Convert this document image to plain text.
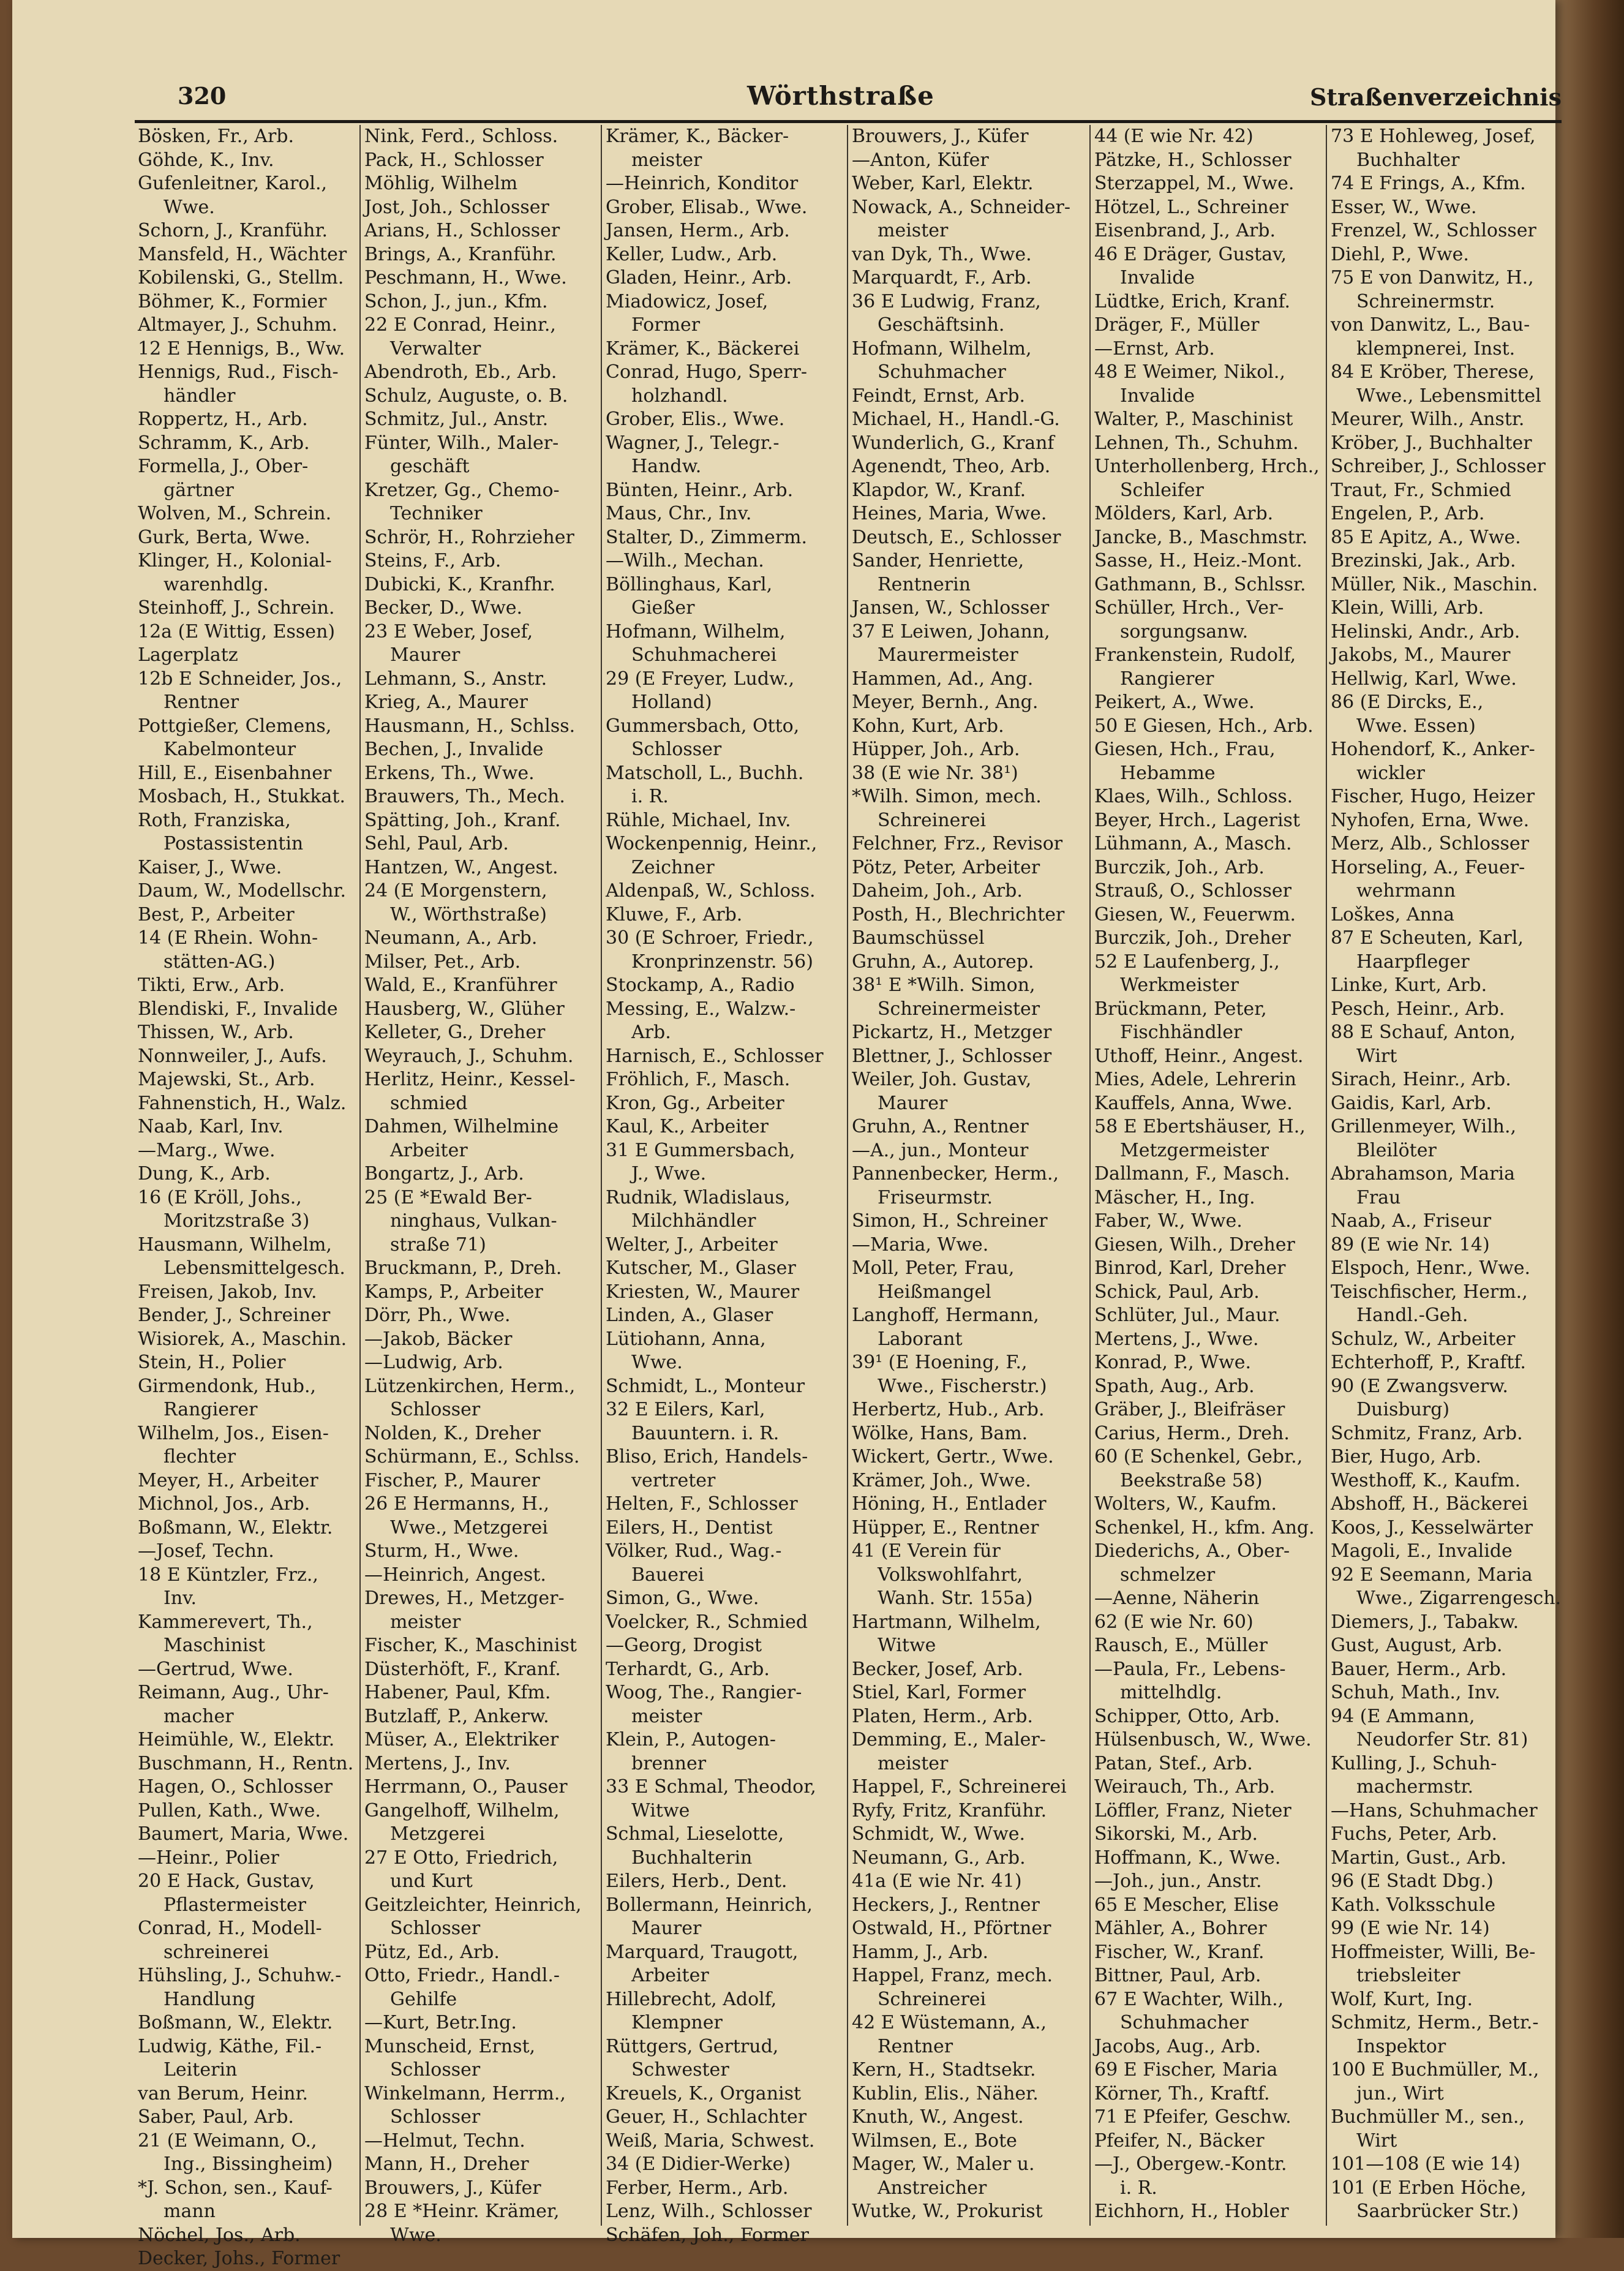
320	Wörthstraße	Straßenverzeichnis
Bösken, Fr., Arb.
Göhde, K., Inv.
Gufenleitner, Karol.,
Wwe.
Schorn, J., Kranführ.
Mansfeld, H., Wächter
Kobilenski, G., Stellm.
Böhmer, K., Formier
Altmayer, J., Schuhm.
12 E Hennigs, B., Ww.
Hennigs, Rud., Fisch-
händler
Roppertz, H., Arb.
Schramm, K., Arb.
Formella, J., Ober-
gärtner
Wolven, M., Schrein.
Gurk, Berta, Wwe.
Klinger, H., Kolonial-
warenhdlg.
Steinhoff, J., Schrein.
12a (E Wittig, Essen)
Lagerplatz
12b E Schneider, Jos.,
Rentner
Pottgießer, Clemens,
Kabelmonteur
Hill, E., Eisenbahner
Mosbach, H., Stukkat.
Roth, Franziska,
Postassistentin
Kaiser, J., Wwe.
Daum, W., Modellschr.
Best, P., Arbeiter
14 (E Rhein. Wohn-
stätten-AG.)
Tikti, Erw., Arb.
Blendiski, F., Invalide
Thissen, W., Arb.
Nonnweiler, J., Aufs.
Majewski, St., Arb.
Fahnenstich, H., Walz.
Naab, Karl, Inv.
—Marg., Wwe.
Dung, K., Arb.
16 (E Kröll, Johs.,
Moritzstraße 3)
Hausmann, Wilhelm,
Lebensmittelgesch.
Freisen, Jakob, Inv.
Bender, J., Schreiner
Wisiorek, A., Maschin.
Stein, H., Polier
Girmendonk, Hub.,
Rangierer
Wilhelm, Jos., Eisen-
flechter
Meyer, H., Arbeiter
Michnol, Jos., Arb.
Boßmann, W., Elektr.
—Josef, Techn.
18 E Küntzler, Frz.,
Inv.
Kammerevert, Th.,
Maschinist
—Gertrud, Wwe.
Reimann, Aug., Uhr-
macher
Heimühle, W., Elektr.
Buschmann, H., Rentn.
Hagen, O., Schlosser
Pullen, Kath., Wwe.
Baumert, Maria, Wwe.
—Heinr., Polier
20 E Hack, Gustav,
Pflastermeister
Conrad, H., Modell-
schreinerei
Hühsling, J., Schuhw.-
Handlung
Boßmann, W., Elektr.
Ludwig, Käthe, Fil.-
Leiterin
van Berum, Heinr.
Saber, Paul, Arb.
21 (E Weimann, O.,
Ing., Bissingheim)
*J. Schon, sen., Kauf-
mann
Nöchel, Jos., Arb.
Decker, Johs., Former
Nink, Ferd., Schloss.
Pack, H., Schlosser
Möhlig, Wilhelm
Jost, Joh., Schlosser
Arians, H., Schlosser
Brings, A., Kranführ.
Peschmann, H., Wwe.
Schon, J., jun., Kfm.
22 E Conrad, Heinr.,
Verwalter
Abendroth, Eb., Arb.
Schulz, Auguste, o. B.
Schmitz, Jul., Anstr.
Fünter, Wilh., Maler-
geschäft
Kretzer, Gg., Chemo-
Techniker
Schrör, H., Rohrzieher
Steins, F., Arb.
Dubicki, K., Kranfhr.
Becker, D., Wwe.
23 E Weber, Josef,
Maurer
Lehmann, S., Anstr.
Krieg, A., Maurer
Hausmann, H., Schlss.
Bechen, J., Invalide
Erkens, Th., Wwe.
Brauwers, Th., Mech.
Spätting, Joh., Kranf.
Sehl, Paul, Arb.
Hantzen, W., Angest.
24 (E Morgenstern,
W., Wörthstraße)
Neumann, A., Arb.
Milser, Pet., Arb.
Wald, E., Kranführer
Hausberg, W., Glüher
Kelleter, G., Dreher
Weyrauch, J., Schuhm.
Herlitz, Heinr., Kessel-
schmied
Dahmen, Wilhelmine
Arbeiter
Bongartz, J., Arb.
25 (E *Ewald Ber-
ninghaus, Vulkan-
straße 71)
Bruckmann, P., Dreh.
Kamps, P., Arbeiter
Dörr, Ph., Wwe.
—Jakob, Bäcker
—Ludwig, Arb.
Lützenkirchen, Herm.,
Schlosser
Nolden, K., Dreher
Schürmann, E., Schlss.
Fischer, P., Maurer
26 E Hermanns, H.,
Wwe., Metzgerei
Sturm, H., Wwe.
—Heinrich, Angest.
Drewes, H., Metzger-
meister
Fischer, K., Maschinist
Düsterhöft, F., Kranf.
Habener, Paul, Kfm.
Butzlaff, P., Ankerw.
Müser, A., Elektriker
Mertens, J., Inv.
Herrmann, O., Pauser
Gangelhoff, Wilhelm,
Metzgerei
27 E Otto, Friedrich,
und Kurt
Geitzleichter, Heinrich,
Schlosser
Pütz, Ed., Arb.
Otto, Friedr., Handl.-
Gehilfe
—Kurt, Betr.Ing.
Munscheid, Ernst,
Schlosser
Winkelmann, Herrm.,
Schlosser
—Helmut, Techn.
Mann, H., Dreher
Brouwers, J., Küfer
28 E *Heinr. Krämer,
Wwe.
Krämer, K., Bäcker-
meister
—Heinrich, Konditor
Grober, Elisab., Wwe.
Jansen, Herm., Arb.
Keller, Ludw., Arb.
Gladen, Heinr., Arb.
Miadowicz, Josef,
Former
Krämer, K., Bäckerei
Conrad, Hugo, Sperr-
holzhandl.
Grober, Elis., Wwe.
Wagner, J., Telegr.-
Handw.
Bünten, Heinr., Arb.
Maus, Chr., Inv.
Stalter, D., Zimmerm.
—Wilh., Mechan.
Böllinghaus, Karl,
Gießer
Hofmann, Wilhelm,
Schuhmacherei
29 (E Freyer, Ludw.,
Holland)
Gummersbach, Otto,
Schlosser
Matscholl, L., Buchh.
i. R.
Rühle, Michael, Inv.
Wockenpennig, Heinr.,
Zeichner
Aldenpaß, W., Schloss.
Kluwe, F., Arb.
30 (E Schroer, Friedr.,
Kronprinzenstr. 56)
Stockamp, A., Radio
Messing, E., Walzw.-
Arb.
Harnisch, E., Schlosser
Fröhlich, F., Masch.
Kron, Gg., Arbeiter
Kaul, K., Arbeiter
31 E Gummersbach,
J., Wwe.
Rudnik, Wladislaus,
Milchhändler
Welter, J., Arbeiter
Kutscher, M., Glaser
Kriesten, W., Maurer
Linden, A., Glaser
Lütiohann, Anna,
Wwe.
Schmidt, L., Monteur
32 E Eilers, Karl,
Bauuntern. i. R.
Bliso, Erich, Handels-
vertreter
Helten, F., Schlosser
Eilers, H., Dentist
Völker, Rud., Wag.-
Bauerei
Simon, G., Wwe.
Voelcker, R., Schmied
—Georg, Drogist
Terhardt, G., Arb.
Woog, The., Rangier-
meister
Klein, P., Autogen-
brenner
33 E Schmal, Theodor,
Witwe
Schmal, Lieselotte,
Buchhalterin
Eilers, Herb., Dent.
Bollermann, Heinrich,
Maurer
Marquard, Traugott,
Arbeiter
Hillebrecht, Adolf,
Klempner
Rüttgers, Gertrud,
Schwester
Kreuels, K., Organist
Geuer, H., Schlachter
Weiß, Maria, Schwest.
34 (E Didier-Werke)
Ferber, Herm., Arb.
Lenz, Wilh., Schlosser
Schäfen, Joh., Former
Brouwers, J., Küfer
—Anton, Küfer
Weber, Karl, Elektr.
Nowack, A., Schneider-
meister
van Dyk, Th., Wwe.
Marquardt, F., Arb.
36 E Ludwig, Franz,
Geschäftsinh.
Hofmann, Wilhelm,
Schuhmacher
Feindt, Ernst, Arb.
Michael, H., Handl.-G.
Wunderlich, G., Kranf
Agenendt, Theo, Arb.
Klapdor, W., Kranf.
Heines, Maria, Wwe.
Deutsch, E., Schlosser
Sander, Henriette,
Rentnerin
Jansen, W., Schlosser
37 E Leiwen, Johann,
Maurermeister
Hammen, Ad., Ang.
Meyer, Bernh., Ang.
Kohn, Kurt, Arb.
Hüpper, Joh., Arb.
38 (E wie Nr. 38¹)
*Wilh. Simon, mech.
Schreinerei
Felchner, Frz., Revisor
Pötz, Peter, Arbeiter
Daheim, Joh., Arb.
Posth, H., Blechrichter
Baumschüssel
Gruhn, A., Autorep.
38¹ E *Wilh. Simon,
Schreinermeister
Pickartz, H., Metzger
Blettner, J., Schlosser
Weiler, Joh. Gustav,
Maurer
Gruhn, A., Rentner
—A., jun., Monteur
Pannenbecker, Herm.,
Friseurmstr.
Simon, H., Schreiner
—Maria, Wwe.
Moll, Peter, Frau,
Heißmangel
Langhoff, Hermann,
Laborant
39¹ (E Hoening, F.,
Wwe., Fischerstr.)
Herbertz, Hub., Arb.
Wölke, Hans, Bam.
Wickert, Gertr., Wwe.
Krämer, Joh., Wwe.
Höning, H., Entlader
Hüpper, E., Rentner
41 (E Verein für
Volkswohlfahrt,
Wanh. Str. 155a)
Hartmann, Wilhelm,
Witwe
Becker, Josef, Arb.
Stiel, Karl, Former
Platen, Herm., Arb.
Demming, E., Maler-
meister
Happel, F., Schreinerei
Ryfy, Fritz, Kranführ.
Schmidt, W., Wwe.
Neumann, G., Arb.
41a (E wie Nr. 41)
Heckers, J., Rentner
Ostwald, H., Pförtner
Hamm, J., Arb.
Happel, Franz, mech.
Schreinerei
42 E Wüstemann, A.,
Rentner
Kern, H., Stadtsekr.
Kublin, Elis., Näher.
Knuth, W., Angest.
Wilmsen, E., Bote
Mager, W., Maler u.
Anstreicher
Wutke, W., Prokurist
44 (E wie Nr. 42)
Pätzke, H., Schlosser
Sterzappel, M., Wwe.
Hötzel, L., Schreiner
Eisenbrand, J., Arb.
46 E Dräger, Gustav,
Invalide
Lüdtke, Erich, Kranf.
Dräger, F., Müller
—Ernst, Arb.
48 E Weimer, Nikol.,
Invalide
Walter, P., Maschinist
Lehnen, Th., Schuhm.
Unterhollenberg, Hrch.,
Schleifer
Mölders, Karl, Arb.
Jancke, B., Maschmstr.
Sasse, H., Heiz.-Mont.
Gathmann, B., Schlssr.
Schüller, Hrch., Ver-
sorgungsanw.
Frankenstein, Rudolf,
Rangierer
Peikert, A., Wwe.
50 E Giesen, Hch., Arb.
Giesen, Hch., Frau,
Hebamme
Klaes, Wilh., Schloss.
Beyer, Hrch., Lagerist
Lühmann, A., Masch.
Burczik, Joh., Arb.
Strauß, O., Schlosser
Giesen, W., Feuerwm.
Burczik, Joh., Dreher
52 E Laufenberg, J.,
Werkmeister
Brückmann, Peter,
Fischhändler
Uthoff, Heinr., Angest.
Mies, Adele, Lehrerin
Kauffels, Anna, Wwe.
58 E Ebertshäuser, H.,
Metzgermeister
Dallmann, F., Masch.
Mäscher, H., Ing.
Faber, W., Wwe.
Giesen, Wilh., Dreher
Binrod, Karl, Dreher
Schick, Paul, Arb.
Schlüter, Jul., Maur.
Mertens, J., Wwe.
Konrad, P., Wwe.
Spath, Aug., Arb.
Gräber, J., Bleifräser
Carius, Herm., Dreh.
60 (E Schenkel, Gebr.,
Beekstraße 58)
Wolters, W., Kaufm.
Schenkel, H., kfm. Ang.
Diederichs, A., Ober-
schmelzer
—Aenne, Näherin
62 (E wie Nr. 60)
Rausch, E., Müller
—Paula, Fr., Lebens-
mittelhdlg.
Schipper, Otto, Arb.
Hülsenbusch, W., Wwe.
Patan, Stef., Arb.
Weirauch, Th., Arb.
Löffler, Franz, Nieter
Sikorski, M., Arb.
Hoffmann, K., Wwe.
—Joh., jun., Anstr.
65 E Mescher, Elise
Mähler, A., Bohrer
Fischer, W., Kranf.
Bittner, Paul, Arb.
67 E Wachter, Wilh.,
Schuhmacher
Jacobs, Aug., Arb.
69 E Fischer, Maria
Körner, Th., Kraftf.
71 E Pfeifer, Geschw.
Pfeifer, N., Bäcker
—J., Obergew.-Kontr.
i. R.
Eichhorn, H., Hobler
73 E Hohleweg, Josef,
Buchhalter
74 E Frings, A., Kfm.
Esser, W., Wwe.
Frenzel, W., Schlosser
Diehl, P., Wwe.
75 E von Danwitz, H.,
Schreinermstr.
von Danwitz, L., Bau-
klempnerei, Inst.
84 E Kröber, Therese,
Wwe., Lebensmittel
Meurer, Wilh., Anstr.
Kröber, J., Buchhalter
Schreiber, J., Schlosser
Traut, Fr., Schmied
Engelen, P., Arb.
85 E Apitz, A., Wwe.
Brezinski, Jak., Arb.
Müller, Nik., Maschin.
Klein, Willi, Arb.
Helinski, Andr., Arb.
Jakobs, M., Maurer
Hellwig, Karl, Wwe.
86 (E Dircks, E.,
Wwe. Essen)
Hohendorf, K., Anker-
wickler
Fischer, Hugo, Heizer
Nyhofen, Erna, Wwe.
Merz, Alb., Schlosser
Horseling, A., Feuer-
wehrmann
Loškes, Anna
87 E Scheuten, Karl,
Haarpfleger
Linke, Kurt, Arb.
Pesch, Heinr., Arb.
88 E Schauf, Anton,
Wirt
Sirach, Heinr., Arb.
Gaidis, Karl, Arb.
Grillenmeyer, Wilh.,
Bleilöter
Abrahamson, Maria
Frau
Naab, A., Friseur
89 (E wie Nr. 14)
Elspoch, Henr., Wwe.
Teischfischer, Herm.,
Handl.-Geh.
Schulz, W., Arbeiter
Echterhoff, P., Kraftf.
90 (E Zwangsverw.
Duisburg)
Schmitz, Franz, Arb.
Bier, Hugo, Arb.
Westhoff, K., Kaufm.
Abshoff, H., Bäckerei
Koos, J., Kesselwärter
Magoli, E., Invalide
92 E Seemann, Maria
Wwe., Zigarrengesch.
Diemers, J., Tabakw.
Gust, August, Arb.
Bauer, Herm., Arb.
Schuh, Math., Inv.
94 (E Ammann,
Neudorfer Str. 81)
Kulling, J., Schuh-
machermstr.
—Hans, Schuhmacher
Fuchs, Peter, Arb.
Martin, Gust., Arb.
96 (E Stadt Dbg.)
Kath. Volksschule
99 (E wie Nr. 14)
Hoffmeister, Willi, Be-
triebsleiter
Wolf, Kurt, Ing.
Schmitz, Herm., Betr.-
Inspektor
100 E Buchmüller, M.,
jun., Wirt
Buchmüller M., sen.,
Wirt
101—108 (E wie 14)
101 (E Erben Höche,
Saarbrücker Str.)
